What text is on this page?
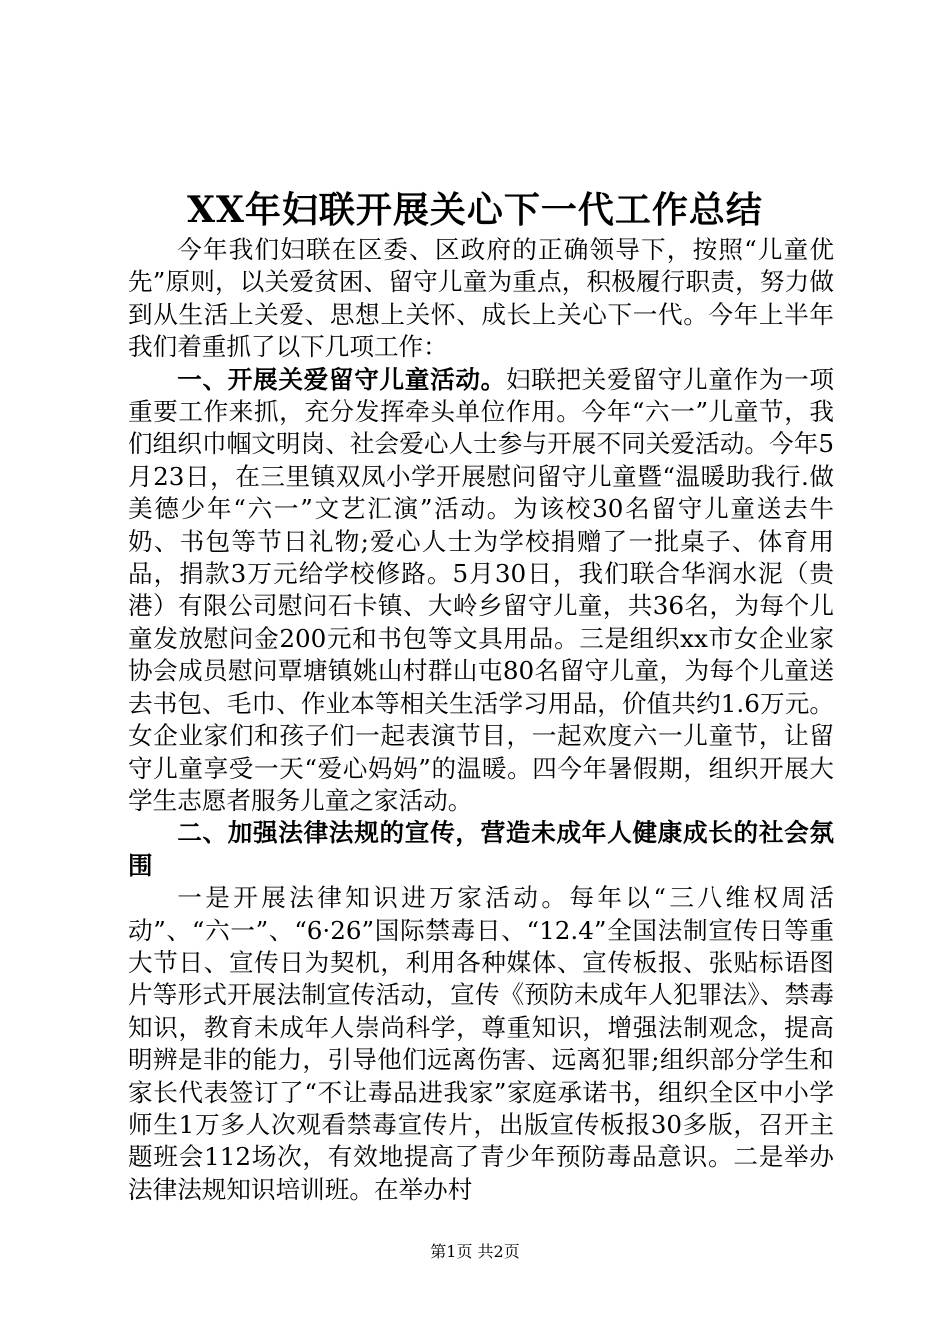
XX年妇联开展关心下一代工作总结

今年我们妇联在区委、区政府的正确领导下，按照“儿童优先”原则，以关爱贫困、留守儿童为重点，积极履行职责，努力做到从生活上关爱、思想上关怀、成长上关心下一代。今年上半年我们着重抓了以下几项工作：

一、开展关爱留守儿童活动。妇联把关爱留守儿童作为一项重要工作来抓，充分发挥牵头单位作用。今年“六一”儿童节，我们组织巾帼文明岗、社会爱心人士参与开展不同关爱活动。今年5月23日，在三里镇双凤小学开展慰问留守儿童暨“温暖助我行.做美德少年“六一”文艺汇演”活动。为该校30名留守儿童送去牛奶、书包等节日礼物;爱心人士为学校捐赠了一批桌子、体育用品，捐款3万元给学校修路。5月30日，我们联合华润水泥（贵港）有限公司慰问石卡镇、大岭乡留守儿童，共36名，为每个儿童发放慰问金200元和书包等文具用品。三是组织xx市女企业家协会成员慰问覃塘镇姚山村群山屯80名留守儿童，为每个儿童送去书包、毛巾、作业本等相关生活学习用品，价值共约1.6万元。女企业家们和孩子们一起表演节目，一起欢度六一儿童节，让留守儿童享受一天“爱心妈妈”的温暖。四今年暑假期，组织开展大学生志愿者服务儿童之家活动。

二、加强法律法规的宣传，营造未成年人健康成长的社会氛围

一是开展法律知识进万家活动。每年以“三八维权周活动”、“六一”、“6·26”国际禁毒日、“12.4”全国法制宣传日等重大节日、宣传日为契机，利用各种媒体、宣传板报、张贴标语图片等形式开展法制宣传活动，宣传《预防未成年人犯罪法》、禁毒知识，教育未成年人崇尚科学，尊重知识，增强法制观念，提高明辨是非的能力，引导他们远离伤害、远离犯罪;组织部分学生和家长代表签订了“不让毒品进我家”家庭承诺书，组织全区中小学师生1万多人次观看禁毒宣传片，出版宣传板报30多版，召开主题班会112场次，有效地提高了青少年预防毒品意识。二是举办法律法规知识培训班。在举办村

第1页 共2页
